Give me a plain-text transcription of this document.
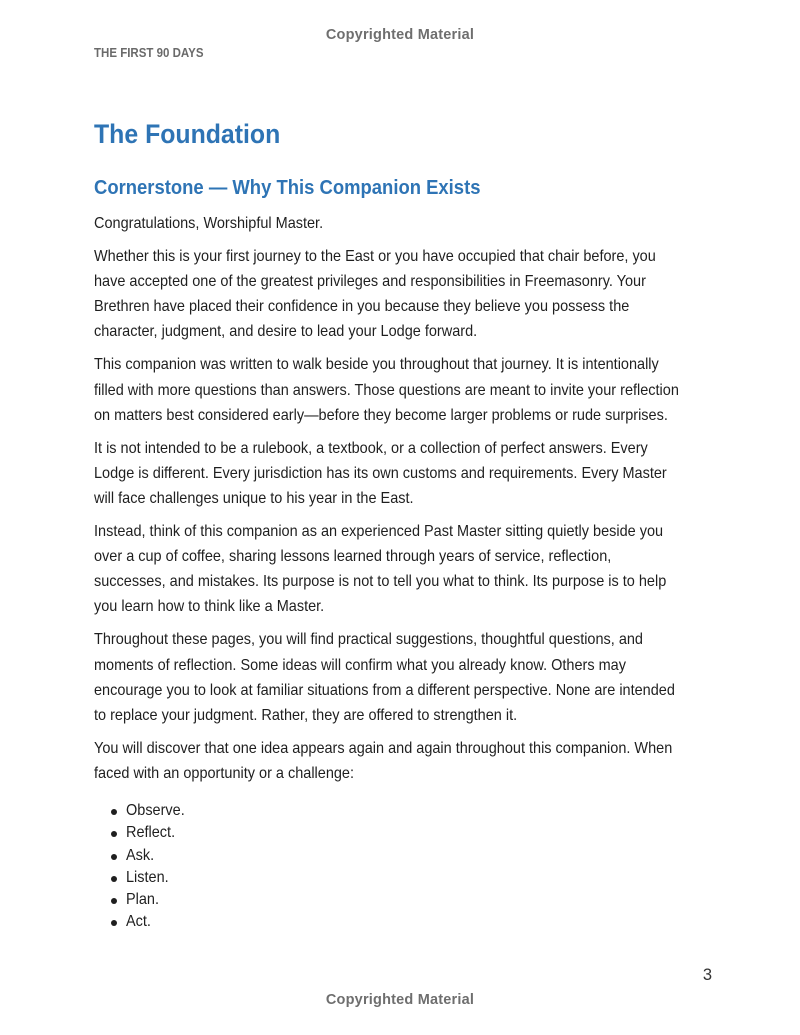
Copyrighted Material
THE FIRST 90 DAYS
The Foundation
Cornerstone — Why This Companion Exists

Congratulations, Worshipful Master.

Whether this is your first journey to the East or you have occupied that chair before, you
have accepted one of the greatest privileges and responsibilities in Freemasonry. Your
Brethren have placed their confidence in you because they believe you possess the
character, judgment, and desire to lead your Lodge forward.

This companion was written to walk beside you throughout that journey. It is intentionally
filled with more questions than answers. Those questions are meant to invite your reflection
on matters best considered early—before they become larger problems or rude surprises.

It is not intended to be a rulebook, a textbook, or a collection of perfect answers. Every
Lodge is different. Every jurisdiction has its own customs and requirements. Every Master
will face challenges unique to his year in the East.

Instead, think of this companion as an experienced Past Master sitting quietly beside you
over a cup of coffee, sharing lessons learned through years of service, reflection,
successes, and mistakes. Its purpose is not to tell you what to think. Its purpose is to help
you learn how to think like a Master.

Throughout these pages, you will find practical suggestions, thoughtful questions, and
moments of reflection. Some ideas will confirm what you already know. Others may
encourage you to look at familiar situations from a different perspective. None are intended
to replace your judgment. Rather, they are offered to strengthen it.

You will discover that one idea appears again and again throughout this companion. When
faced with an opportunity or a challenge:

Observe.
Reflect.
Ask.
Listen.
Plan.
Act.
3
Copyrighted Material
